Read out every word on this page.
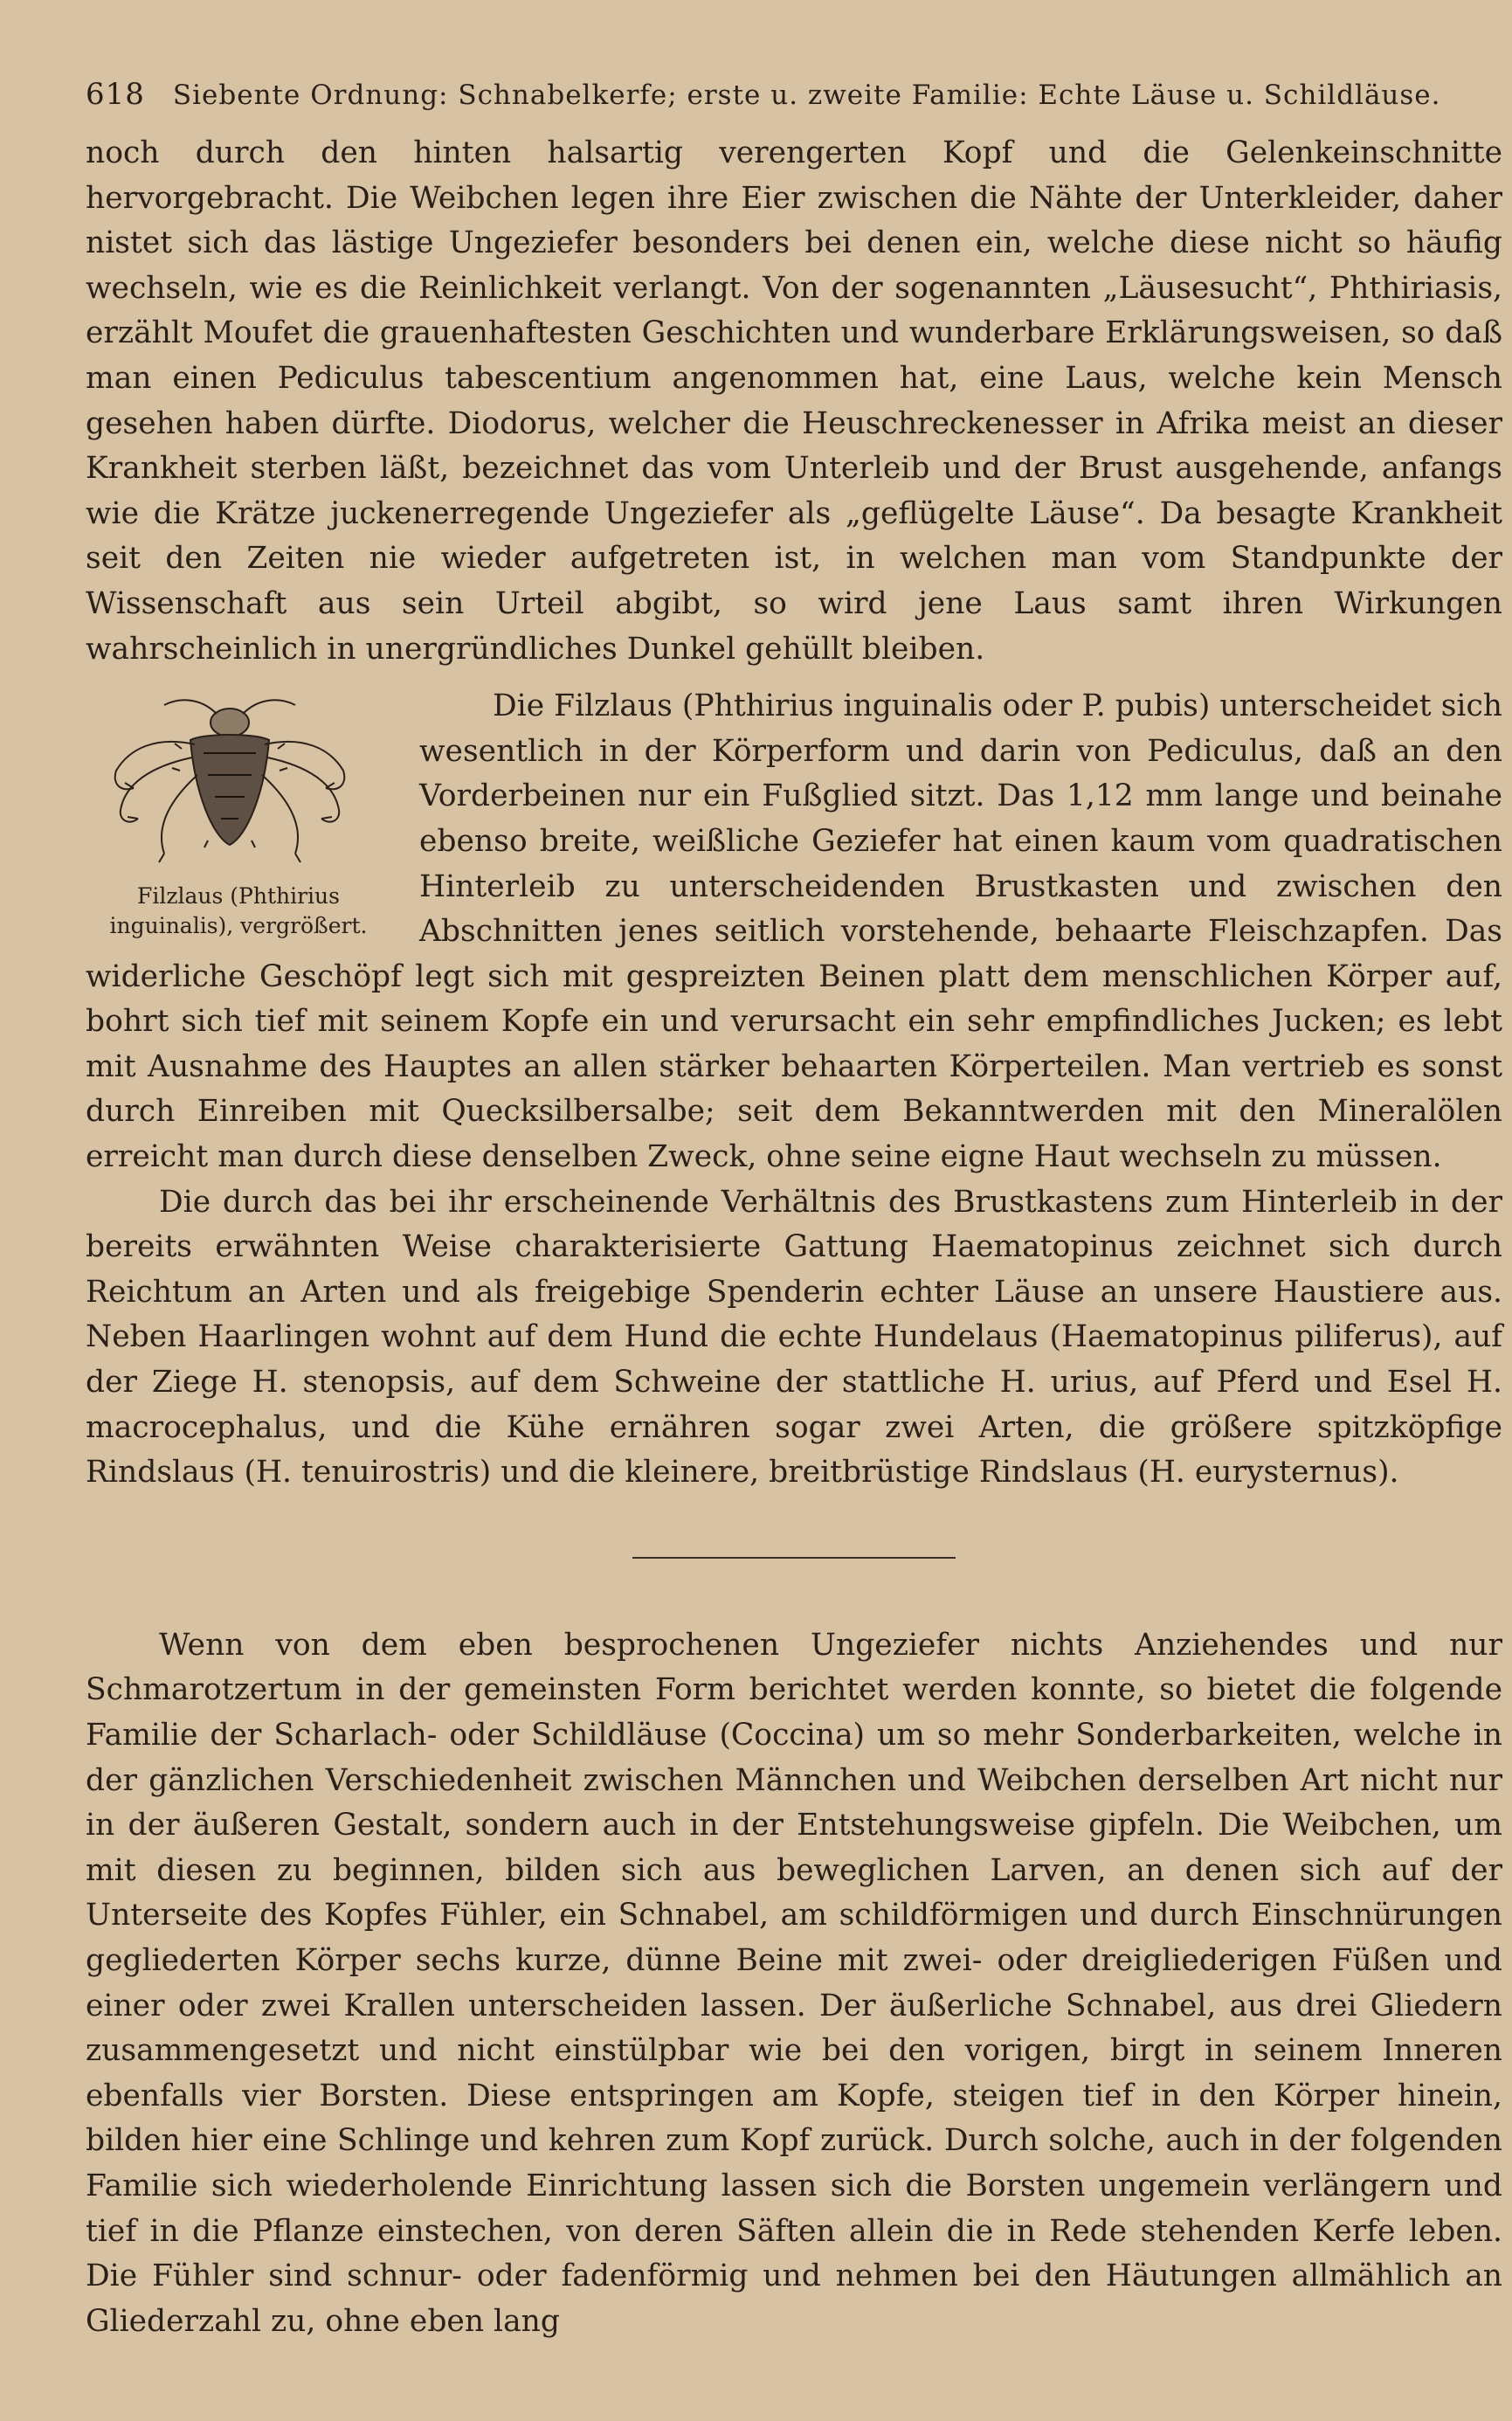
618 Siebente Ordnung: Schnabelkerfe; erste u. zweite Familie: Echte Läuse u. Schildläuse.

noch durch den hinten halsartig verengerten Kopf und die Gelenkeinschnitte hervorgebracht. Die Weibchen legen ihre Eier zwischen die Nähte der Unterkleider, daher nistet sich das lästige Ungeziefer besonders bei denen ein, welche diese nicht so häufig wechseln, wie es die Reinlichkeit verlangt. Von der sogenannten „Läusesucht“, Phthiriasis, erzählt Moufet die grauenhaftesten Geschichten und wunderbare Erklärungsweisen, so daß man einen Pediculus tabescentium angenommen hat, eine Laus, welche kein Mensch gesehen haben dürfte. Diodorus, welcher die Heuschreckenesser in Afrika meist an dieser Krankheit sterben läßt, bezeichnet das vom Unterleib und der Brust ausgehende, anfangs wie die Krätze juckenerregende Ungeziefer als „geflügelte Läuse“. Da besagte Krankheit seit den Zeiten nie wieder aufgetreten ist, in welchen man vom Standpunkte der Wissenschaft aus sein Urteil abgibt, so wird jene Laus samt ihren Wirkungen wahrscheinlich in unergründliches Dunkel gehüllt bleiben.

Filzlaus (Phthirius inguinalis), vergrößert.

Die Filzlaus (Phthirius inguinalis oder P. pubis) unterscheidet sich wesentlich in der Körperform und darin von Pediculus, daß an den Vorderbeinen nur ein Fußglied sitzt. Das 1,12 mm lange und beinahe ebenso breite, weißliche Geziefer hat einen kaum vom quadratischen Hinterleib zu unterscheidenden Brustkasten und zwischen den Abschnitten jenes seitlich vorstehende, behaarte Fleischzapfen. Das widerliche Geschöpf legt sich mit gespreizten Beinen platt dem menschlichen Körper auf, bohrt sich tief mit seinem Kopfe ein und verursacht ein sehr empfindliches Jucken; es lebt mit Ausnahme des Hauptes an allen stärker behaarten Körperteilen. Man vertrieb es sonst durch Einreiben mit Quecksilbersalbe; seit dem Bekanntwerden mit den Mineralölen erreicht man durch diese denselben Zweck, ohne seine eigne Haut wechseln zu müssen.

Die durch das bei ihr erscheinende Verhältnis des Brustkastens zum Hinterleib in der bereits erwähnten Weise charakterisierte Gattung Haematopinus zeichnet sich durch Reichtum an Arten und als freigebige Spenderin echter Läuse an unsere Haustiere aus. Neben Haarlingen wohnt auf dem Hund die echte Hundelaus (Haematopinus piliferus), auf der Ziege H. stenopsis, auf dem Schweine der stattliche H. urius, auf Pferd und Esel H. macrocephalus, und die Kühe ernähren sogar zwei Arten, die größere spitzköpfige Rindslaus (H. tenuirostris) und die kleinere, breitbrüstige Rindslaus (H. eurysternus).

Wenn von dem eben besprochenen Ungeziefer nichts Anziehendes und nur Schmarotzertum in der gemeinsten Form berichtet werden konnte, so bietet die folgende Familie der Scharlach- oder Schildläuse (Coccina) um so mehr Sonderbarkeiten, welche in der gänzlichen Verschiedenheit zwischen Männchen und Weibchen derselben Art nicht nur in der äußeren Gestalt, sondern auch in der Entstehungsweise gipfeln. Die Weibchen, um mit diesen zu beginnen, bilden sich aus beweglichen Larven, an denen sich auf der Unterseite des Kopfes Fühler, ein Schnabel, am schildförmigen und durch Einschnürungen gegliederten Körper sechs kurze, dünne Beine mit zwei- oder dreigliederigen Füßen und einer oder zwei Krallen unterscheiden lassen. Der äußerliche Schnabel, aus drei Gliedern zusammengesetzt und nicht einstülpbar wie bei den vorigen, birgt in seinem Inneren ebenfalls vier Borsten. Diese entspringen am Kopfe, steigen tief in den Körper hinein, bilden hier eine Schlinge und kehren zum Kopf zurück. Durch solche, auch in der folgenden Familie sich wiederholende Einrichtung lassen sich die Borsten ungemein verlängern und tief in die Pflanze einstechen, von deren Säften allein die in Rede stehenden Kerfe leben. Die Fühler sind schnur- oder fadenförmig und nehmen bei den Häutungen allmählich an Gliederzahl zu, ohne eben lang
